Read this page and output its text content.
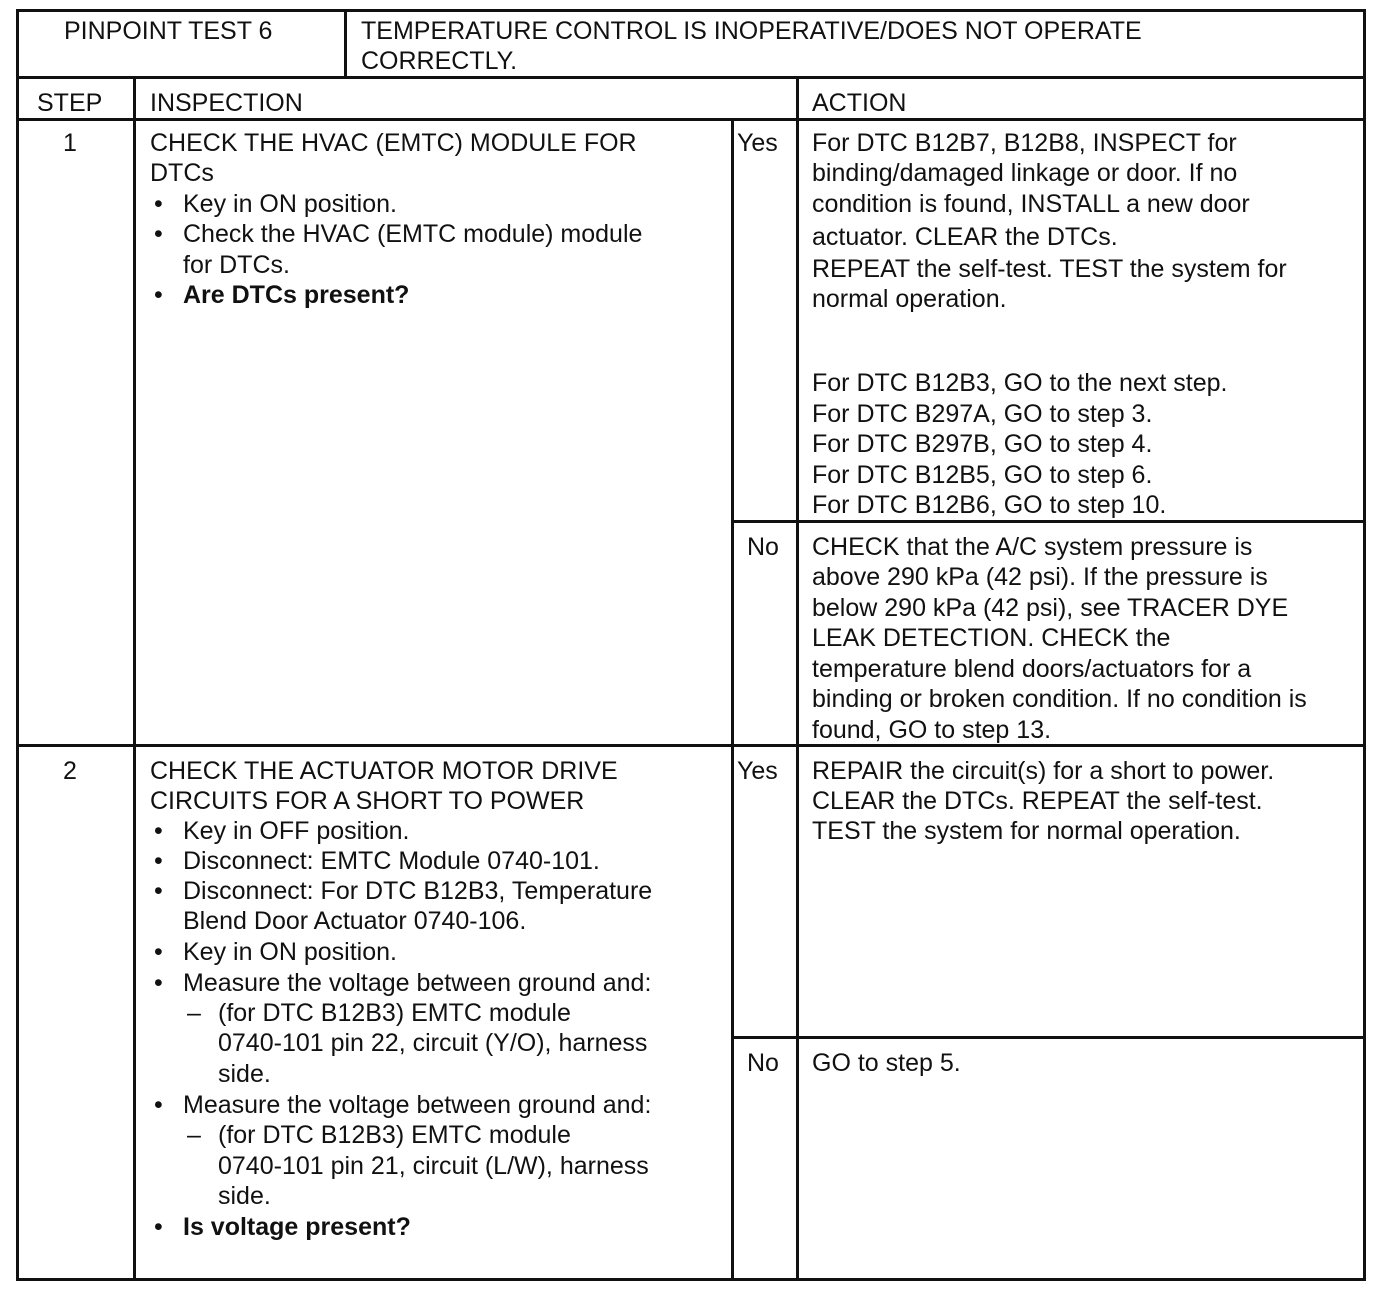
PINPOINT TEST 6	TEMPERATURE CONTROL IS INOPERATIVE/DOES NOT OPERATE
CORRECTLY.
STEP INSPECTION	ACTION
1	CHECK THE HVAC (EMTC) MODULE FOR
DTCs
• Key in ON position.
• Check the HVAC (EMTC module) module
for DTCs.
• Are DTCs present?
Yes For DTC B12B7, B12B8, INSPECT for
binding/damaged linkage or door. If no
condition is found, INSTALL a new door
actuator. CLEAR the DTCs.
REPEAT the self-test. TEST the system for
normal operation.
For DTC B12B3, GO to the next step.
For DTC B297A, GO to step 3.
For DTC B297B, GO to step 4.
For DTC B12B5, GO to step 6.
For DTC B12B6, GO to step 10.
No CHECK that the A/C system pressure is
above 290 kPa (42 psi). If the pressure is
below 290 kPa (42 psi), see TRACER DYE
LEAK DETECTION. CHECK the
temperature blend doors/actuators for a
binding or broken condition. If no condition is
found, GO to step 13.
2	CHECK THE ACTUATOR MOTOR DRIVE
CIRCUITS FOR A SHORT TO POWER
• Key in OFF position.
• Disconnect: EMTC Module 0740-101.
• Disconnect: For DTC B12B3, Temperature
Blend Door Actuator 0740-106.
• Key in ON position.
• Measure the voltage between ground and:
– (for DTC B12B3) EMTC module
0740-101 pin 22, circuit (Y/O), harness
side.
• Measure the voltage between ground and:
– (for DTC B12B3) EMTC module
0740-101 pin 21, circuit (L/W), harness
side.
• Is voltage present?
Yes REPAIR the circuit(s) for a short to power.
CLEAR the DTCs. REPEAT the self-test.
TEST the system for normal operation.
No GO to step 5.
